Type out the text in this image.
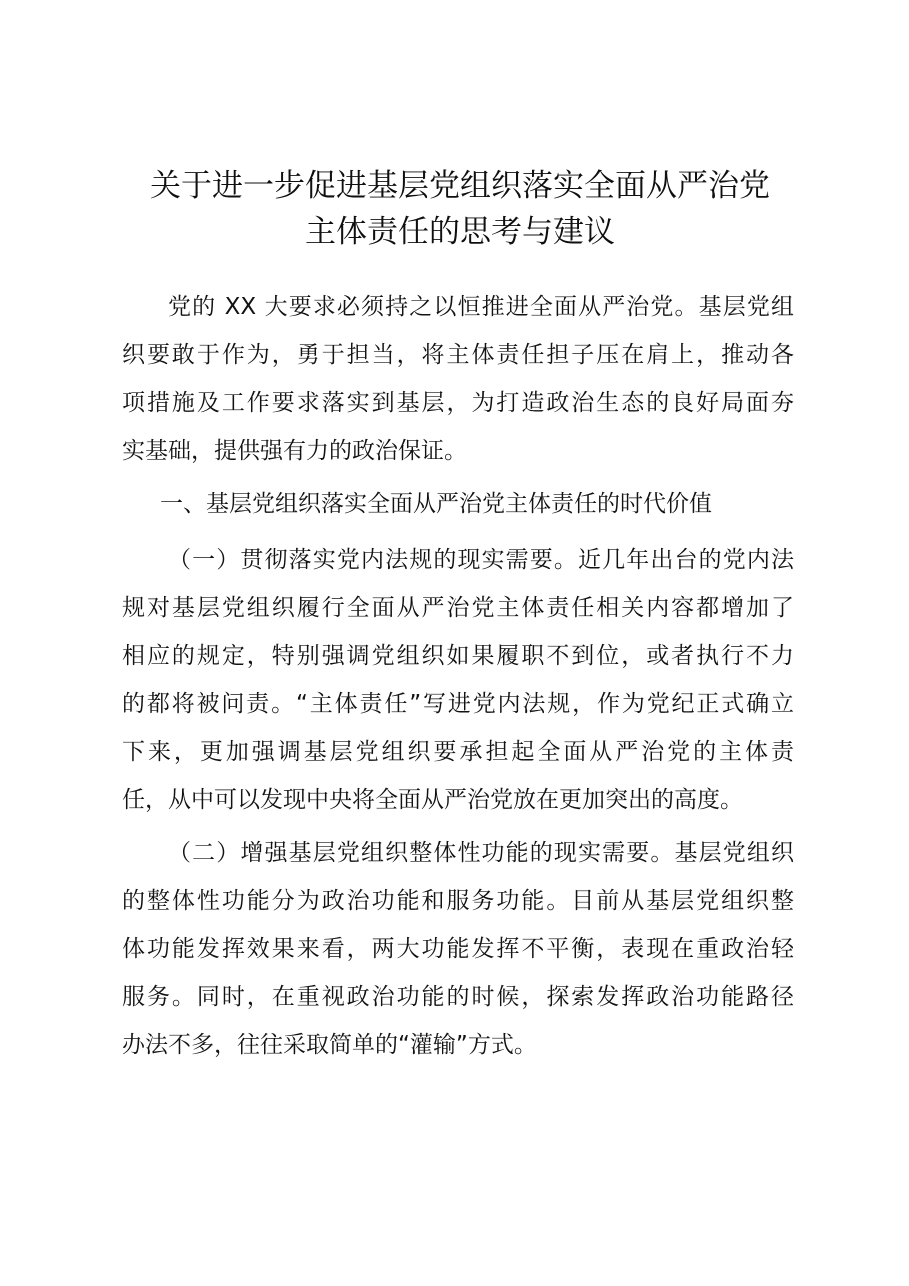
关于进一步促进基层党组织落实全面从严治党
主体责任的思考与建议
党的 XX 大要求必须持之以恒推进全面从严治党。基层党组
织要敢于作为，勇于担当，将主体责任担子压在肩上，推动各
项措施及工作要求落实到基层，为打造政治生态的良好局面夯
实基础，提供强有力的政治保证。
一、基层党组织落实全面从严治党主体责任的时代价值
（一）贯彻落实党内法规的现实需要。近几年出台的党内法
规对基层党组织履行全面从严治党主体责任相关内容都增加了
相应的规定，特别强调党组织如果履职不到位，或者执行不力
的都将被问责。“主体责任”写进党内法规，作为党纪正式确立
下来，更加强调基层党组织要承担起全面从严治党的主体责
任，从中可以发现中央将全面从严治党放在更加突出的高度。
（二）增强基层党组织整体性功能的现实需要。基层党组织
的整体性功能分为政治功能和服务功能。目前从基层党组织整
体功能发挥效果来看，两大功能发挥不平衡，表现在重政治轻
服务。同时，在重视政治功能的时候，探索发挥政治功能路径
办法不多，往往采取简单的“灌输”方式。
